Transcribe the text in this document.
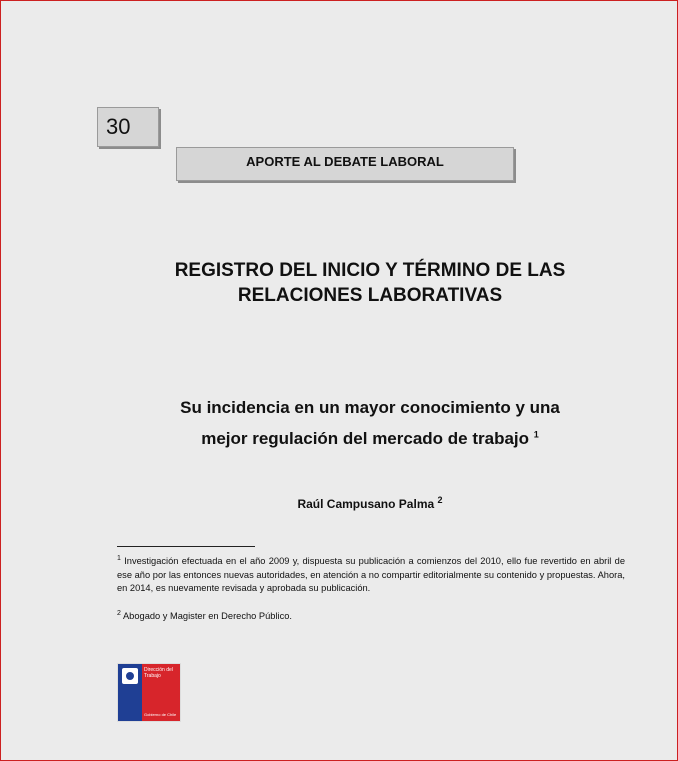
30
APORTE AL DEBATE LABORAL
REGISTRO DEL INICIO Y TÉRMINO DE LAS
RELACIONES LABORATIVAS
Su incidencia en un mayor conocimiento y una
mejor regulación del mercado de trabajo $^1$
Raúl Campusano Palma $^2$
$^1$ Investigación efectuada en el año 2009 y, dispuesta su publicación a comienzos del 2010, ello fue revertido en abril de ese año por las entonces nuevas autoridades, en atención a no compartir editorialmente su contenido y propuestas. Ahora, en 2014, es nuevamente revisada y aprobada su publicación.
$^2$ Abogado y Magister en Derecho Público.
Dirección del
Trabajo
Gobierno de Chile
